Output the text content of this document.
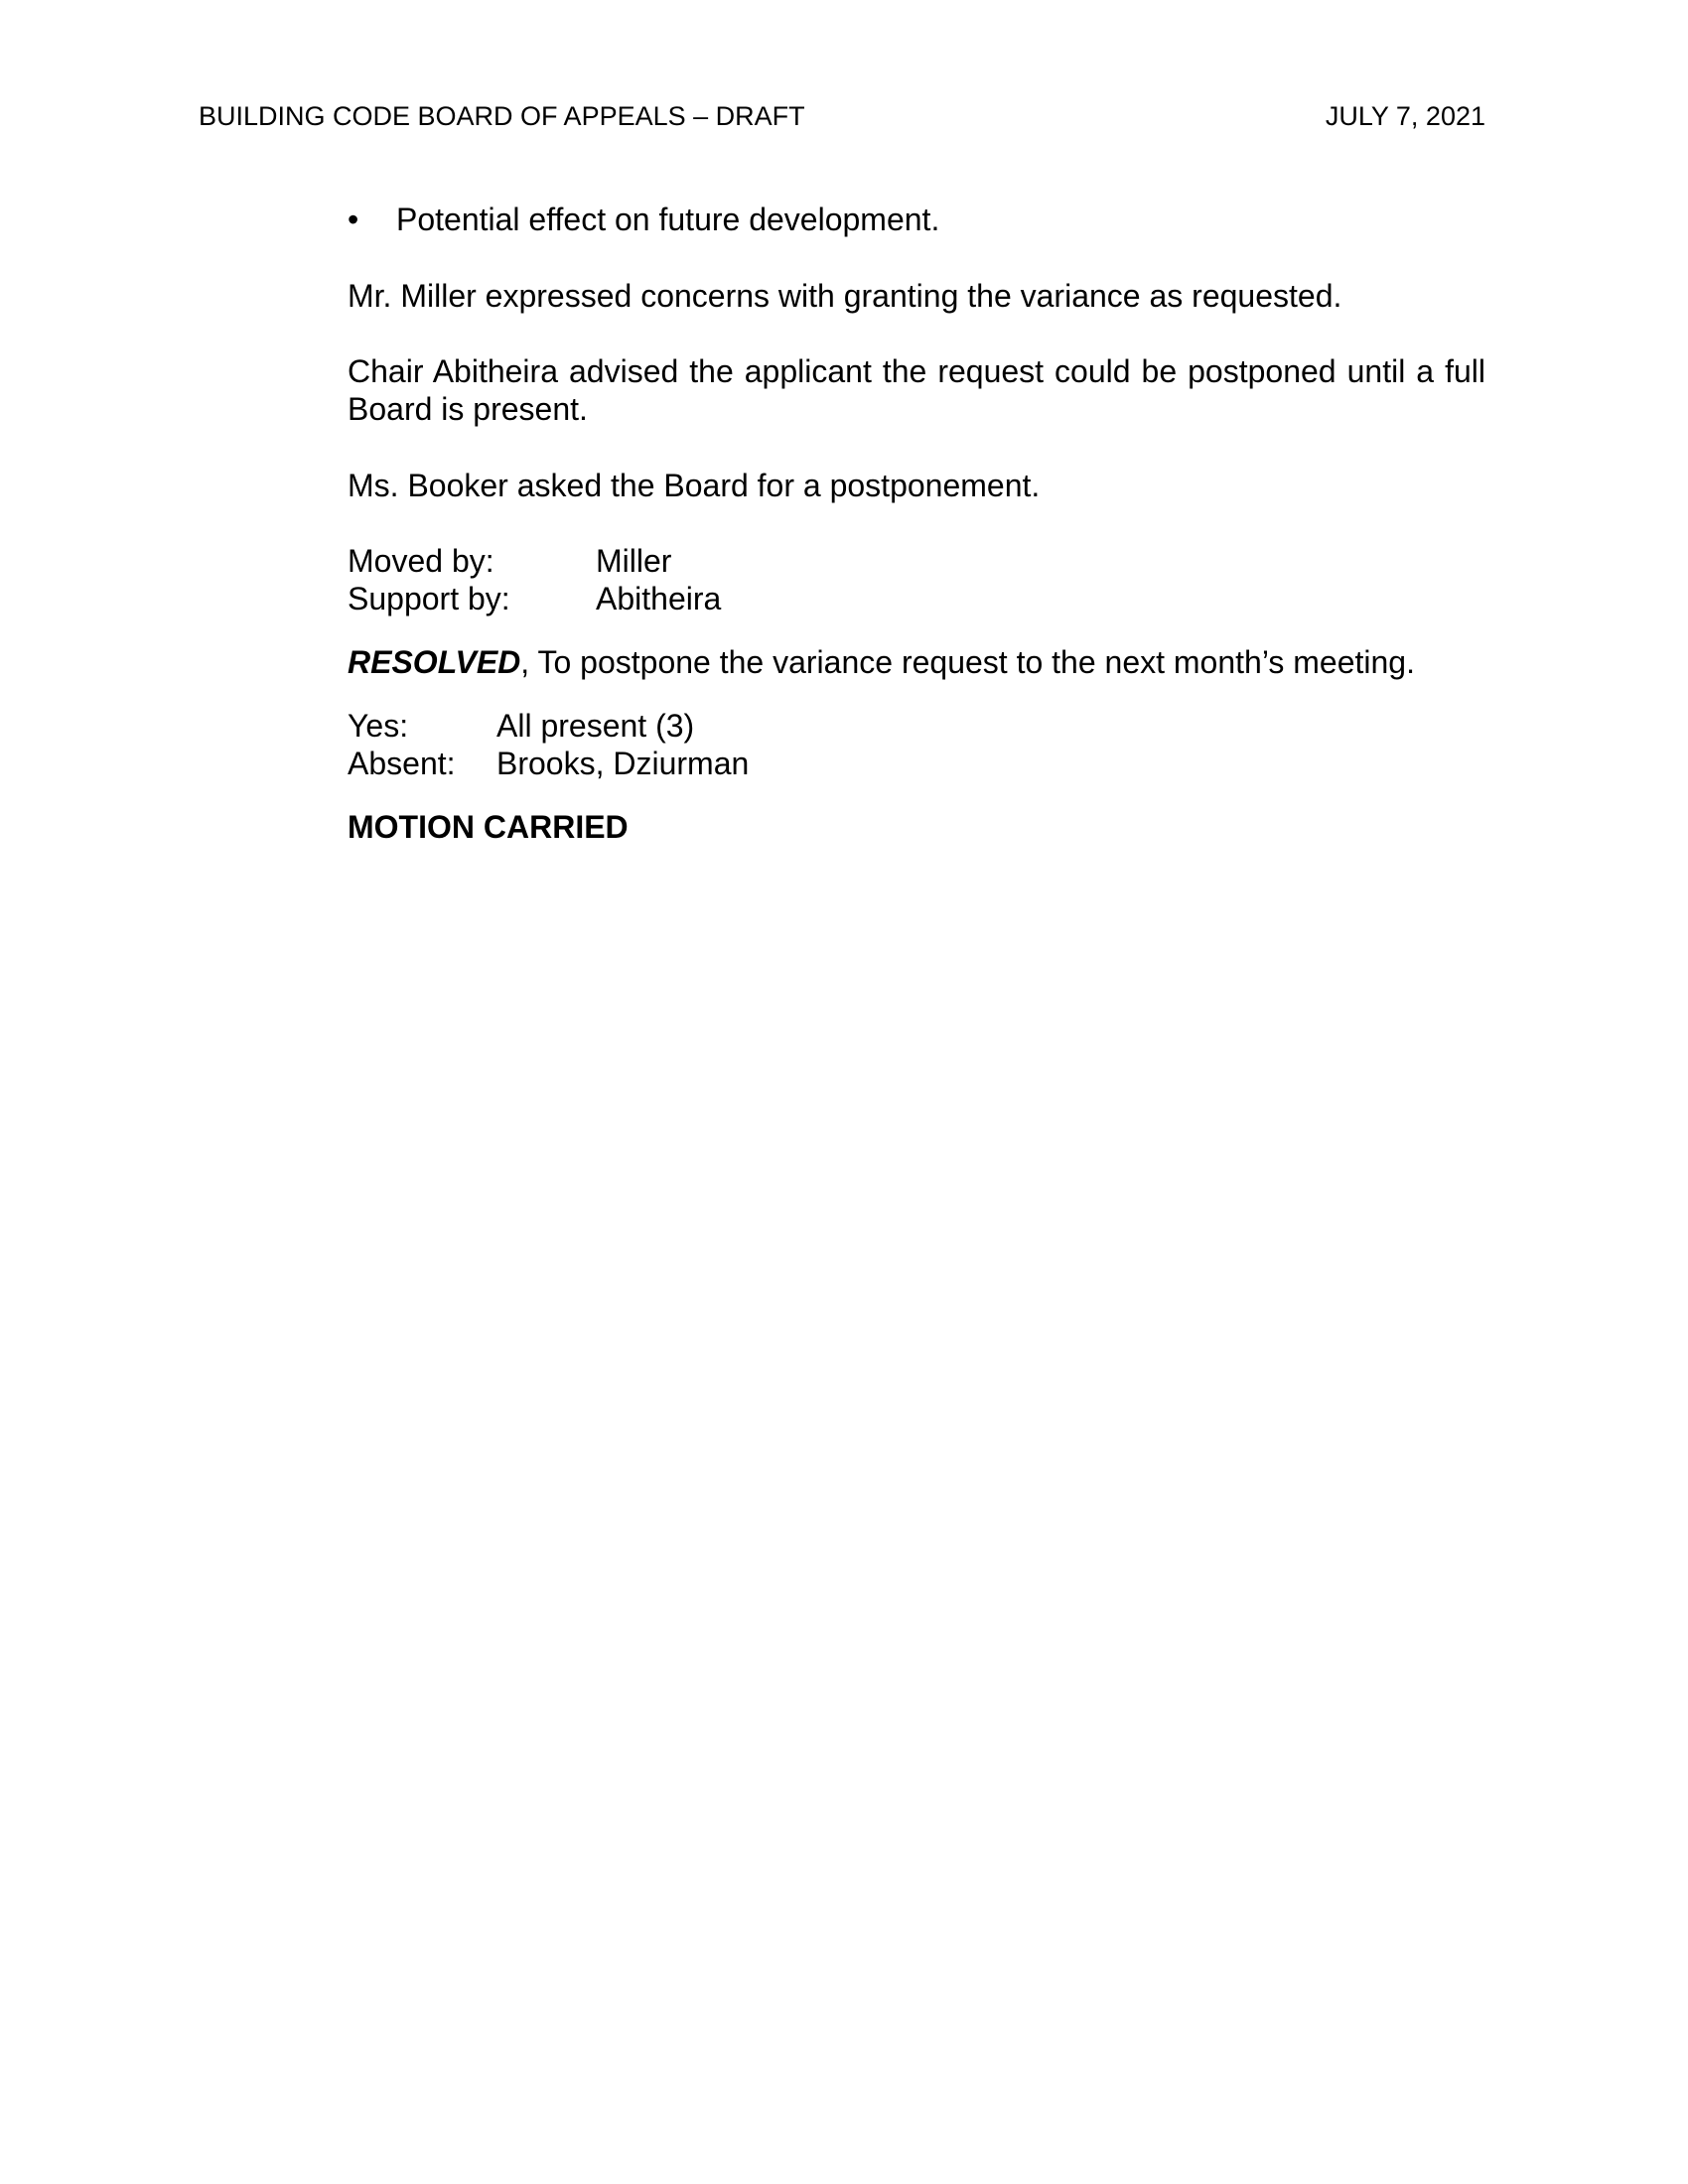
BUILDING CODE BOARD OF APPEALS – DRAFT	JULY 7, 2021
• Potential effect on future development.

Mr. Miller expressed concerns with granting the variance as requested.

Chair Abitheira advised the applicant the request could be postponed until a full Board is present.

Ms. Booker asked the Board for a postponement.

Moved by:	Miller
Support by:	Abitheira

RESOLVED, To postpone the variance request to the next month’s meeting.

Yes:	All present (3)
Absent:	Brooks, Dziurman

MOTION CARRIED
